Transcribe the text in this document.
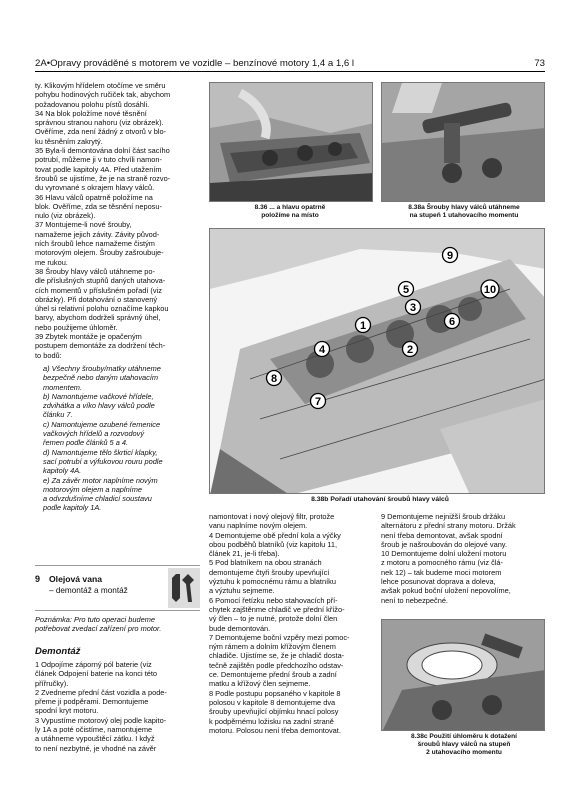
2A•Opravy prováděné s motorem ve vozidle – benzínové motory 1,4 a 1,6 l	73

ty. Klikovým hřídelem otočíme ve směru

pohybu hodinových ručiček tak, abychom

požadovanou polohu pístů dosáhli.

34 Na blok položíme nové těsnění

správnou stranou nahoru (viz obrázek).

Ověříme, zda není žádný z otvorů v blo-

ku těsněním zakrytý.

35 Byla-li demontována dolní část sacího

potrubí, můžeme ji v tuto chvíli namon-

tovat podle kapitoly 4A. Před utažením

šroubů se ujistíme, že je na straně rozvo-

du vyrovnané s okrajem hlavy válců.

36 Hlavu válců opatrně položíme na

blok. Ověříme, zda se těsnění neposu-

nulo (viz obrázek).

37 Montujeme-li nové šrouby,

namažeme jejich závity. Závity původ-

ních šroubů lehce namažeme čistým

motorovým olejem. Šrouby zašroubuje-

me rukou.

38 Šrouby hlavy válců utáhneme po-

dle příslušných stupňů daných utahova-

cích momentů v příslušném pořadí (viz

obrázky). Při dotahování o stanovený

úhel si relativní polohu označíme kapkou

barvy, abychom dodrželi správný úhel,

nebo použijeme úhloměr.

39 Zbytek montáže je opačeným

postupem demontáže za dodržení těch-

to bodů:

a) Všechny šrouby/matky utáhneme

bezpečně nebo daným utahovacím

momentem.

b) Namontujeme vačkové hřídele,

zdvihátka a víko hlavy válců podle

článku 7.

c) Namontujeme ozubené řemenice

vačkových hřídelů a rozvodový

řemen podle článků 5 a 4.

d) Namontujeme tělo škrticí klapky,

sací potrubí a výfukovou rouru podle

kapitoly 4A.

e) Za závěr motor naplníme novým

motorovým olejem a naplníme

a odvzdušníme chladicí soustavu

podle kapitoly 1A.

9 Olejová vana
– demontáž a montáž

Poznámka: Pro tuto operaci budeme

potřebovat zvedací zařízení pro motor.

Demontáž

1 Odpojíme záporný pól baterie (viz

článek Odpojení baterie na konci této

přířručky).

2 Zvedneme přední část vozidla a pode-

přeme ji podpěrami. Demontujeme

spodní kryt motoru.

3 Vypustíme motorový olej podle kapito-

ly 1A a poté očistíme, namontujeme

a utáhneme vypouštěcí zátku. I když

to není nezbytné, je vhodné na závěr

8.36 ... a hlavu opatrně
položíme na místo
8.38a Šrouby hlavy válců utáhneme
na stupeň 1 utahovacího momentu
1
2
3
4
5
6
7
8
9
10
8.38b Pořadí utahování šroubů hlavy válců

namontovat i nový olejový filtr, protože

vanu naplníme novým olejem.

4 Demontujeme obě přední kola a výčky

obou podběhů blatníků (viz kapitolu 11,

článek 21, je-li třeba).

5 Pod blatníkem na obou stranách

demontujeme čtyři šrouby upevňující

výztuhu k pomocnému rámu a blatníku

a výztuhu sejmeme.

6 Pomocí řetízku nebo stahovacích pří-

chytek zajštěnme chladič ve přední křížo-

vý člen – to je nutné, protože dolní člen

bude demontován.

7 Demontujeme boční vzpěry mezi pomoc-

ným rámem a dolním křížovým členem

chladiče. Ujistíme se, že je chladič dosta-

tečně zajištěn podle předchozího odstav-

ce. Demontujeme přední šroub a zadní

matku a křížový člen sejmeme.

8 Podle postupu popsaného v kapitole 8

polosou v kapitole 8 demontujeme dva

šrouby upevňující objímku hnací polosy

k podpěrnému ložisku na zadní straně

motoru. Polosou není třeba demontovat.

9 Demontujeme nejnižší šroub držáku

alternátoru z přední strany motoru. Držák

není třeba demontovat, avšak spodní

šroub je našroubován do olejové vany.

10 Demontujeme dolní uložení motoru

z motoru a pomocného rámu (viz člá-

nek 12) – tak budeme moci motorem

lehce posunovat doprava a doleva,

avšak pokud boční uložení nepovolíme,

není to nebezpečné.

8.38c Použití úhloměru k dotažení
šroubů hlavy válců na stupeň
2 utahovacího momentu
